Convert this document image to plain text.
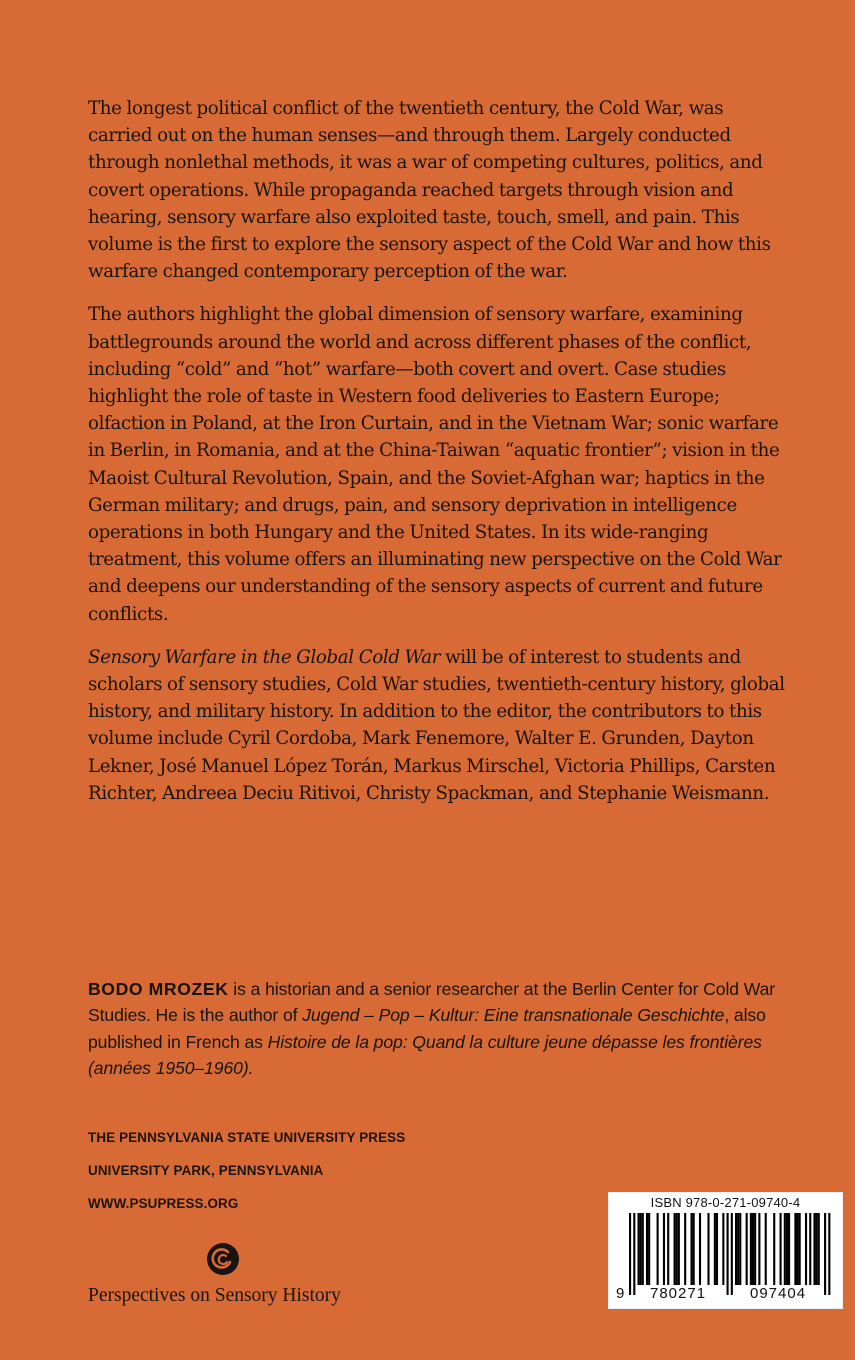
The longest political conflict of the twentieth century, the Cold War, was carried out on the human senses—and through them. Largely conducted through nonlethal methods, it was a war of competing cultures, politics, and covert operations. While propaganda reached targets through vision and hearing, sensory warfare also exploited taste, touch, smell, and pain. This volume is the first to explore the sensory aspect of the Cold War and how this warfare changed contemporary perception of the war.

The authors highlight the global dimension of sensory warfare, examining battlegrounds around the world and across different phases of the conflict, including “cold” and “hot” warfare—both covert and overt. Case studies highlight the role of taste in Western food deliveries to Eastern Europe; olfaction in Poland, at the Iron Curtain, and in the Vietnam War; sonic warfare in Berlin, in Romania, and at the China-Taiwan “aquatic frontier”; vision in the Maoist Cultural Revolution, Spain, and the Soviet-Afghan war; haptics in the German military; and drugs, pain, and sensory deprivation in intelligence operations in both Hungary and the United States. In its wide-ranging treatment, this volume offers an illuminating new perspective on the Cold War and deepens our understanding of the sensory aspects of current and future conflicts.

Sensory Warfare in the Global Cold War will be of interest to students and scholars of sensory studies, Cold War studies, twentieth-century history, global history, and military history. In addition to the editor, the contributors to this volume include Cyril Cordoba, Mark Fenemore, Walter E. Grunden, Dayton Lekner, José Manuel López Torán, Markus Mirschel, Victoria Phillips, Carsten Richter, Andreea Deciu Ritivoi, Christy Spackman, and Stephanie Weismann.

BODO MROZEK is a historian and a senior researcher at the Berlin Center for Cold War Studies. He is the author of Jugend – Pop – Kultur: Eine transnationale Geschichte, also published in French as Histoire de la pop: Quand la culture jeune dépasse les frontières (années 1950–1960).

THE PENNSYLVANIA STATE UNIVERSITY PRESS
UNIVERSITY PARK, PENNSYLVANIA
WWW.PSUPRESS.ORG
Perspectives on Sensory History
ISBN 978-0-271-09740-4
9 780271	097404
